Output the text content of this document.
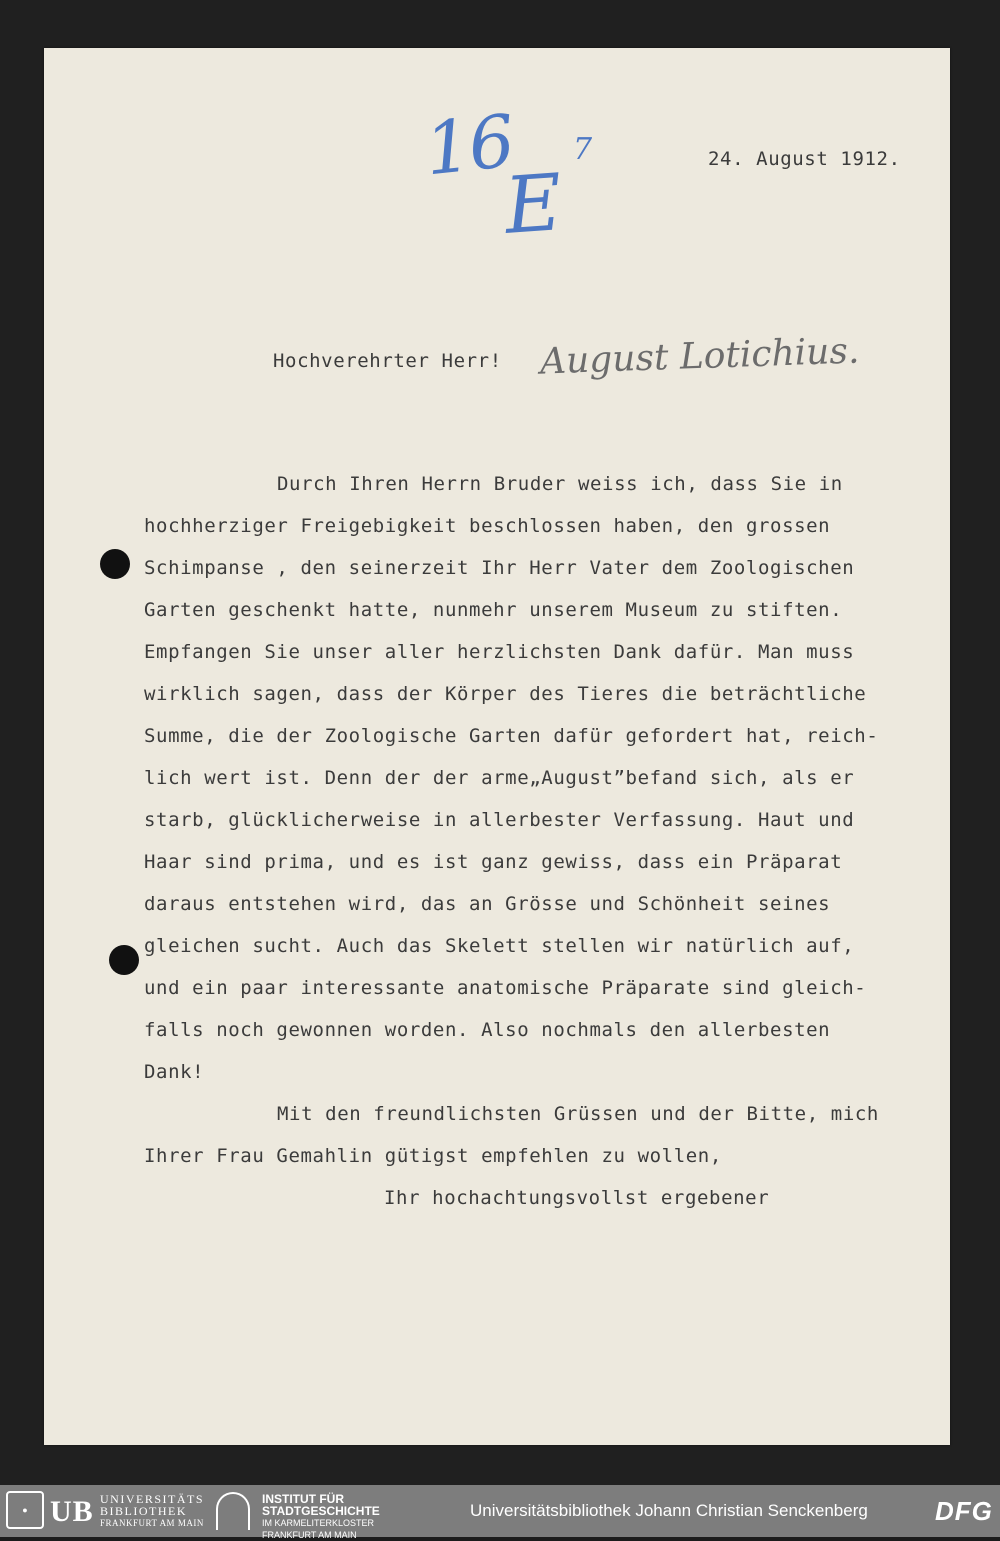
16 7
E	24. August 1912.
Hochverehrter Herr! August Lotichius.
Durch Ihren Herrn Bruder weiss ich, dass Sie in
hochherziger Freigebigkeit beschlossen haben, den grossen
Schimpanse , den seinerzeit Ihr Herr Vater dem Zoologischen
Garten geschenkt hatte, nunmehr unserem Museum zu stiften.
Empfangen Sie unser aller herzlichsten Dank dafür. Man muss
wirklich sagen, dass der Körper des Tieres die beträchtliche
Summe, die der Zoologische Garten dafür gefordert hat, reich-
lich wert ist. Denn der der arme„August”befand sich, als er
starb, glücklicherweise in allerbester Verfassung. Haut und
Haar sind prima, und es ist ganz gewiss, dass ein Präparat
daraus entstehen wird, das an Grösse und Schönheit seines
gleichen sucht. Auch das Skelett stellen wir natürlich auf,
und ein paar interessante anatomische Präparate sind gleich-
falls noch gewonnen worden. Also nochmals den allerbesten
Dank!
Mit den freundlichsten Grüssen und der Bitte, mich
Ihrer Frau Gemahlin gütigst empfehlen zu wollen,
Ihr hochachtungsvollst ergebener
● UB UNIVERSITÄTS
BIBLIOTHEK
FRANKFURT AM MAIN
INSTITUT FÜR
STADTGESCHICHTE
IM KARMELITERKLOSTER
FRANKFURT AM MAIN
Universitätsbibliothek Johann Christian Senckenberg	DFG
